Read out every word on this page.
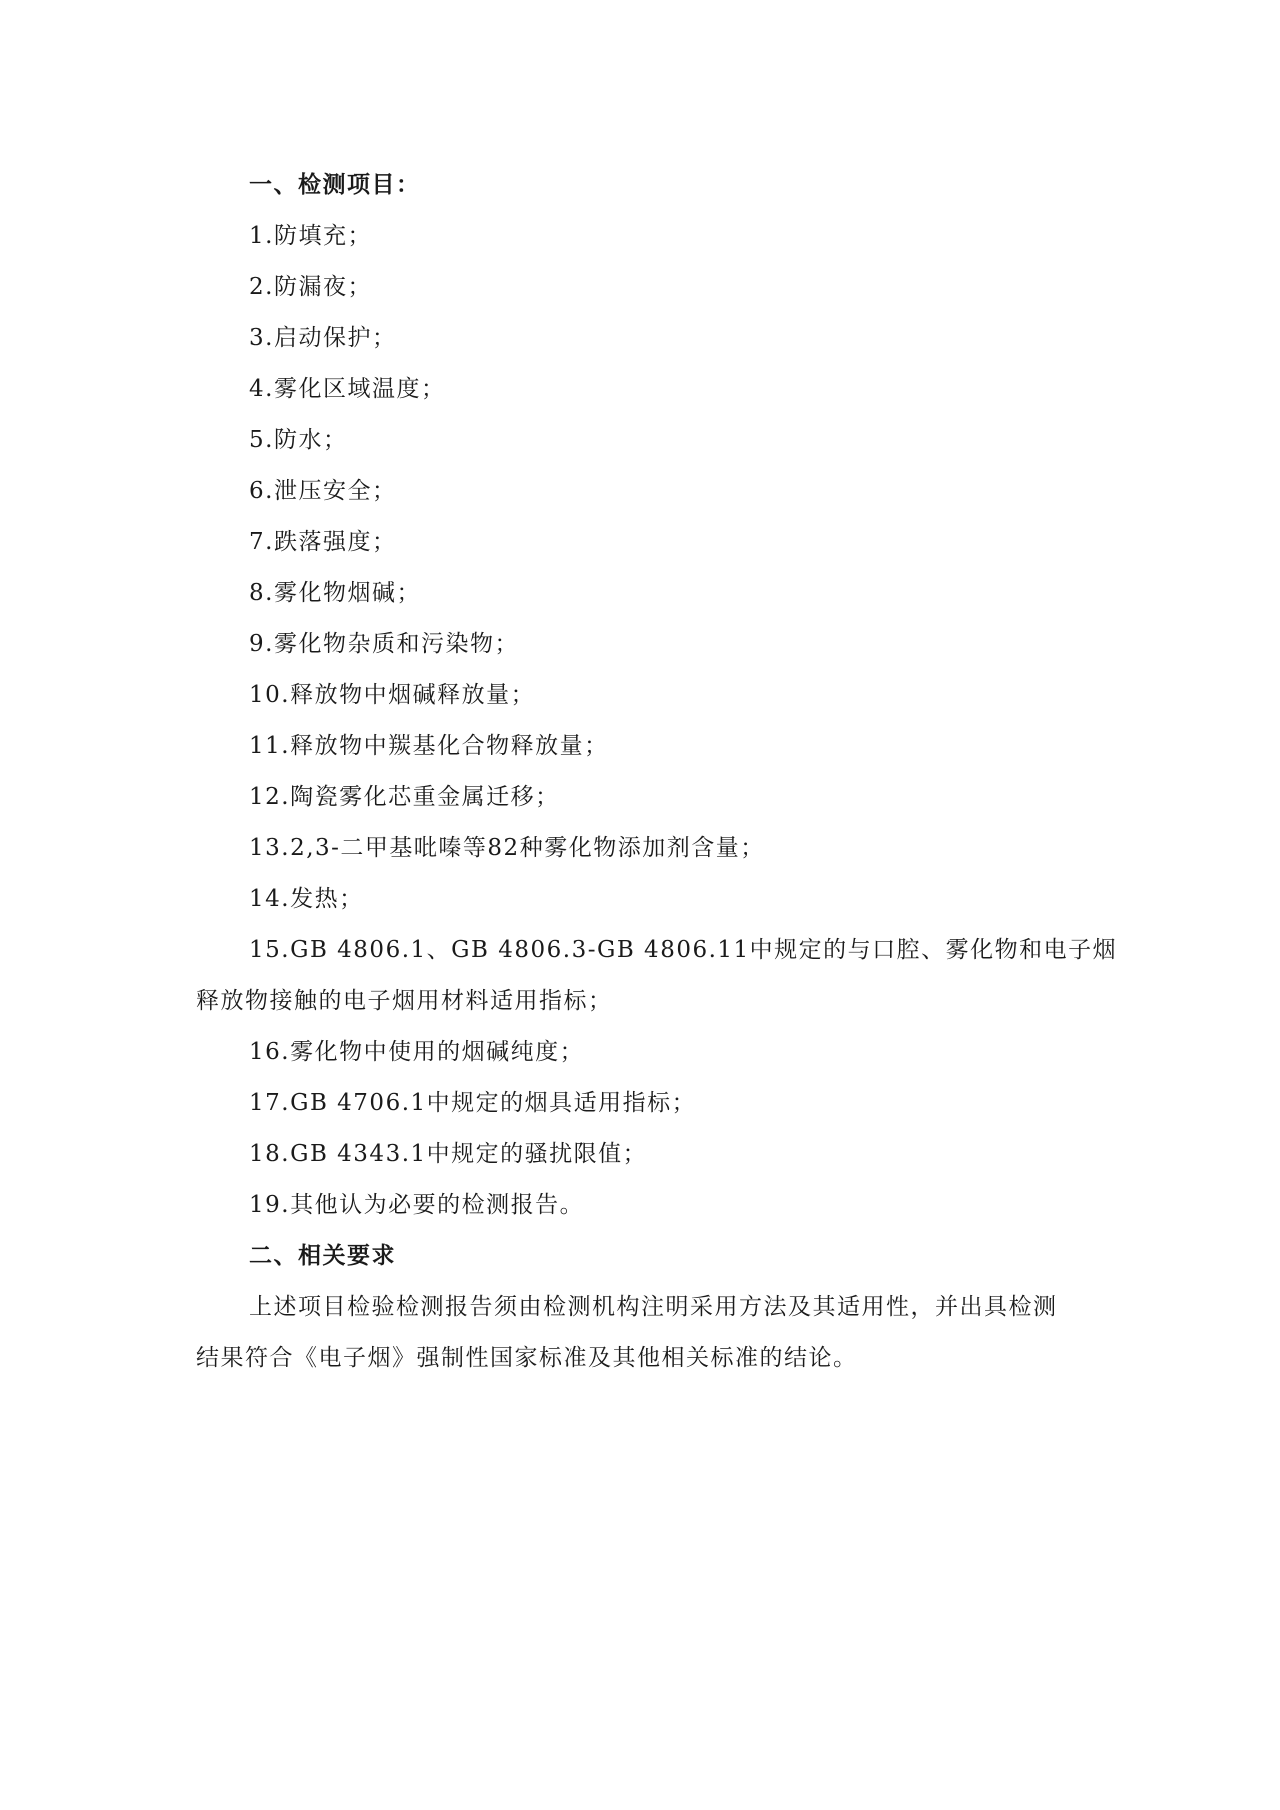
一、检测项目：
1.防填充；
2.防漏夜；
3.启动保护；
4.雾化区域温度；
5.防水；
6.泄压安全；
7.跌落强度；
8.雾化物烟碱；
9.雾化物杂质和污染物；
10.释放物中烟碱释放量；
11.释放物中羰基化合物释放量；
12.陶瓷雾化芯重金属迁移；
13.2,3-二甲基吡嗪等82种雾化物添加剂含量；
14.发热；
15.GB 4806.1、GB 4806.3-GB 4806.11中规定的与口腔、雾化物和电子烟
释放物接触的电子烟用材料适用指标；
16.雾化物中使用的烟碱纯度；
17.GB 4706.1中规定的烟具适用指标；
18.GB 4343.1中规定的骚扰限值；
19.其他认为必要的检测报告。
二、相关要求
上述项目检验检测报告须由检测机构注明采用方法及其适用性，并出具检测
结果符合《电子烟》强制性国家标准及其他相关标准的结论。
